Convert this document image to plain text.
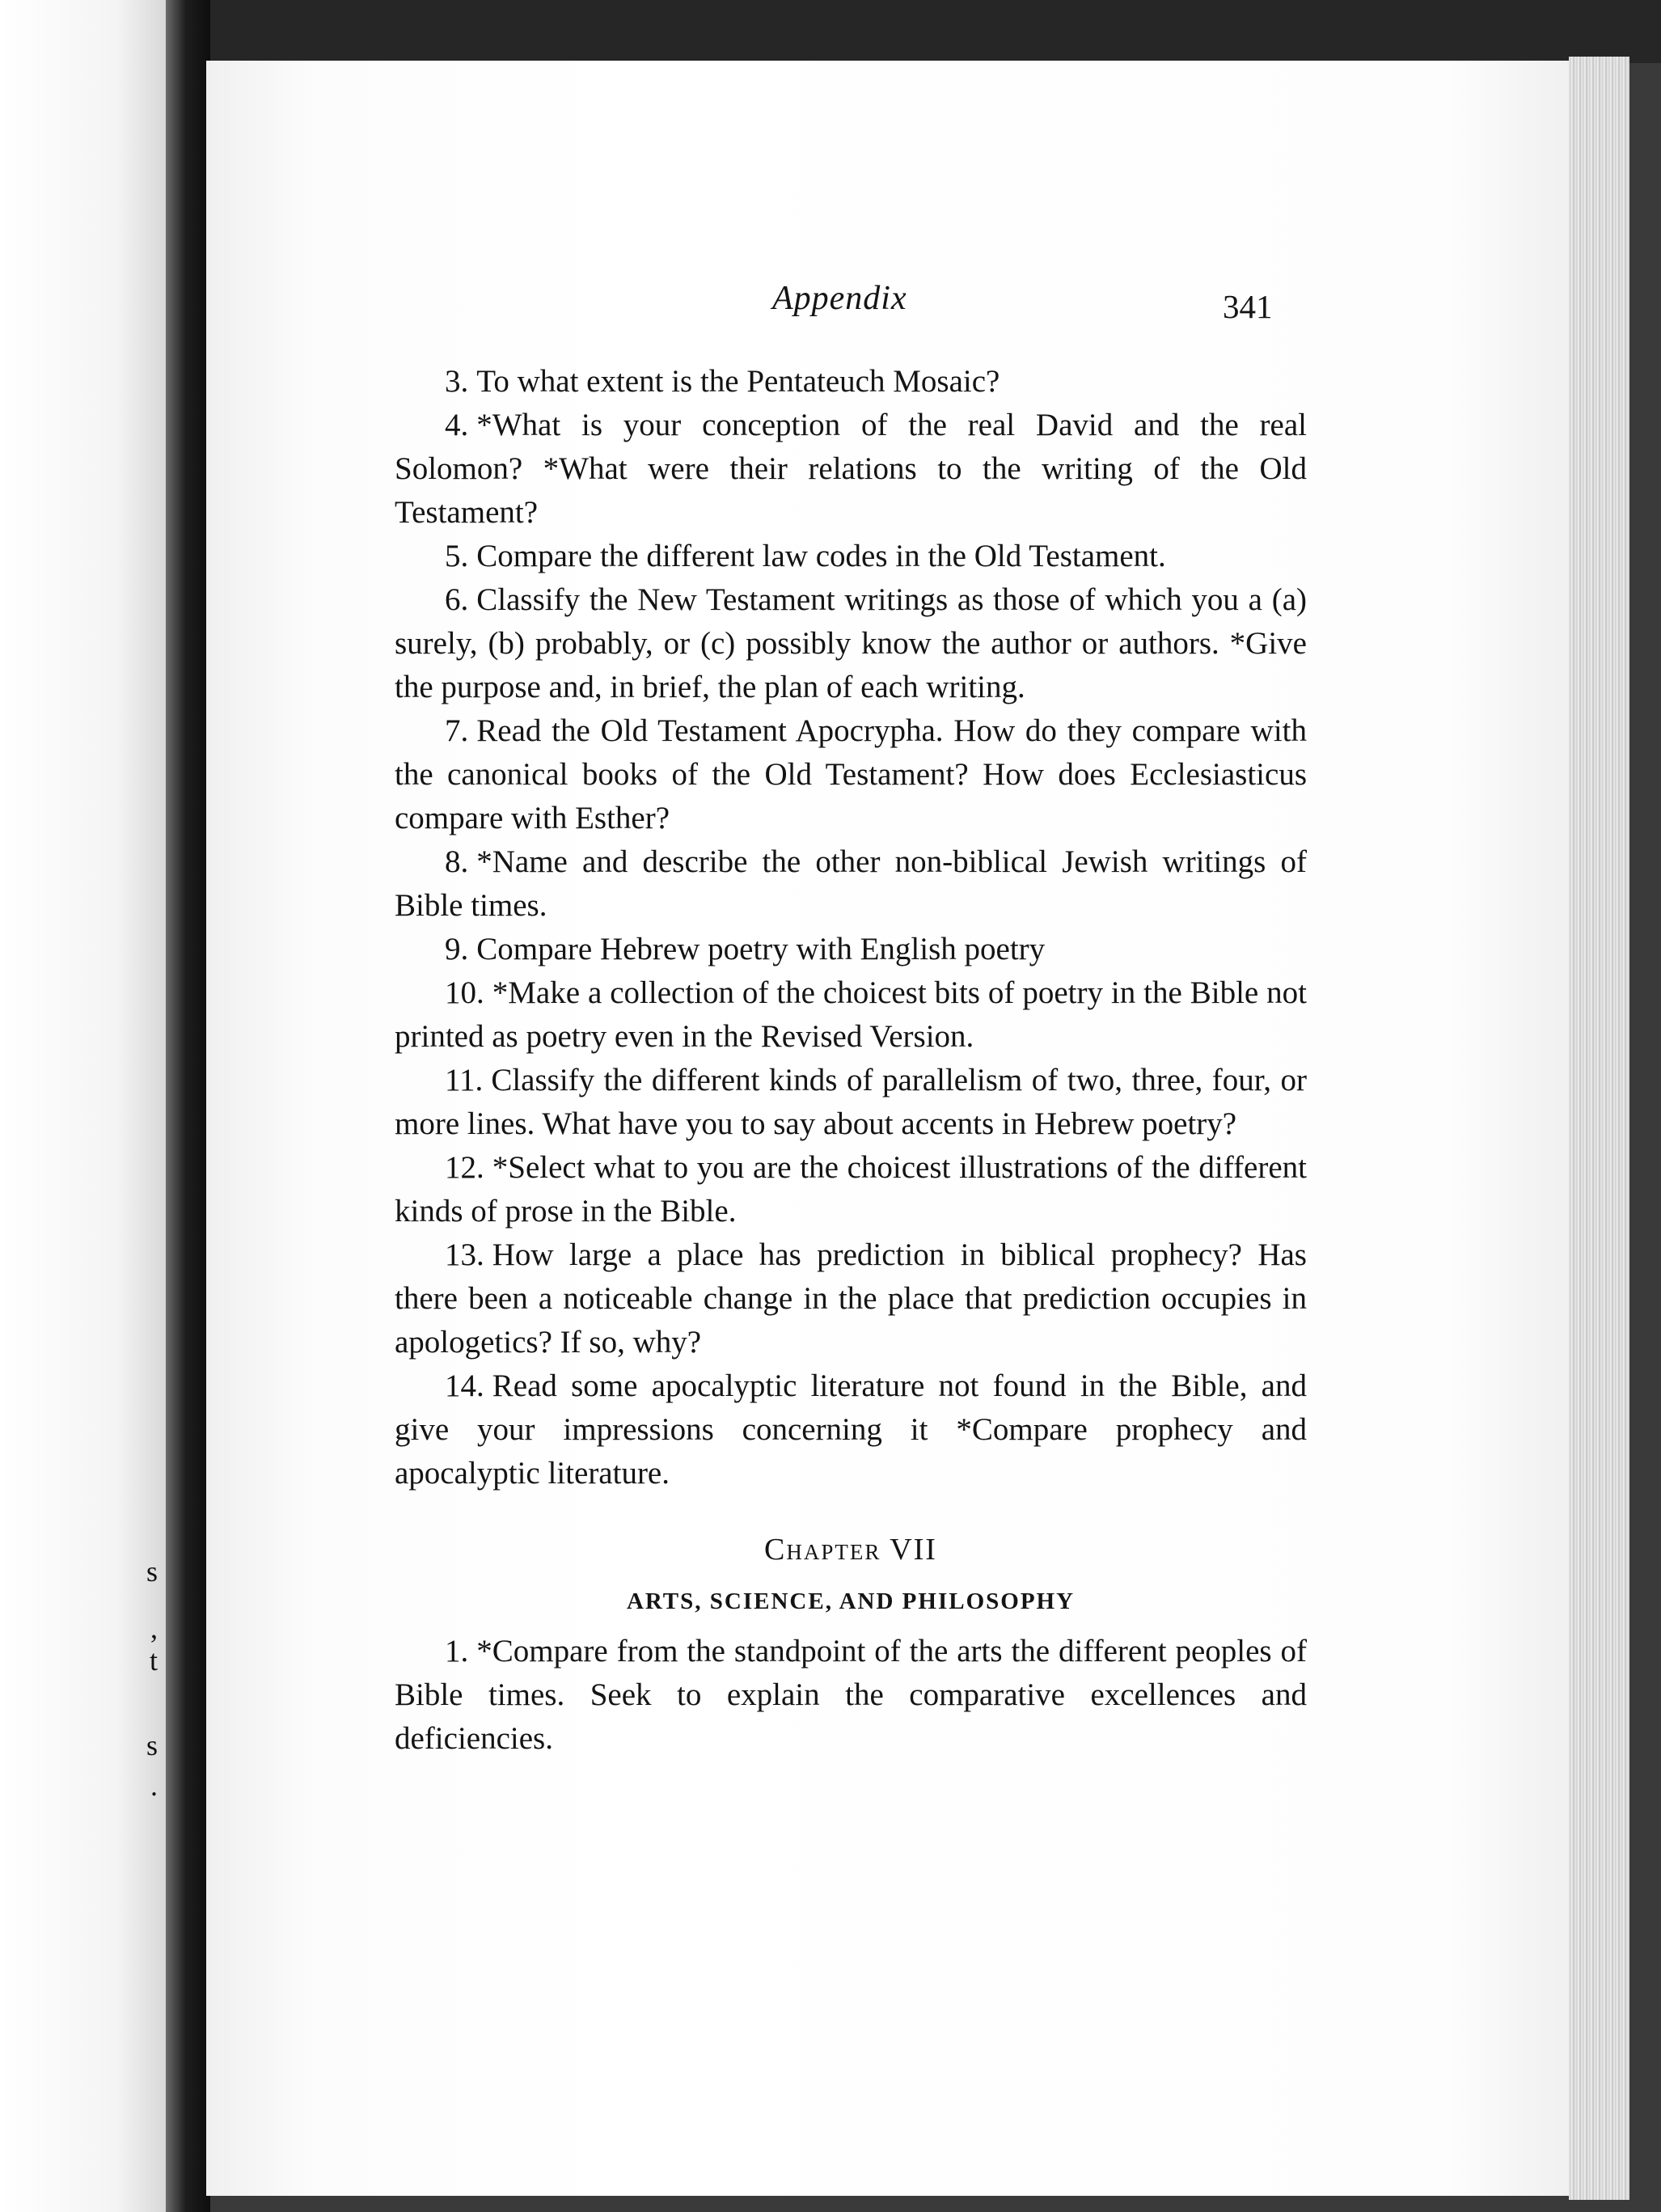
s
,
t
s
.
Appendix	341

3. To what extent is the Pentateuch Mosaic?

4. *What is your conception of the real David and the real Solomon? *What were their relations to the writing of the Old Testament?

5. Compare the different law codes in the Old Testament.

6. Classify the New Testament writings as those of which you a (a) surely, (b) probably, or (c) possibly know the author or authors. *Give the purpose and, in brief, the plan of each writing.

7. Read the Old Testament Apocrypha. How do they compare with the canonical books of the Old Testament? How does Ecclesiasticus compare with Esther?

8. *Name and describe the other non-biblical Jewish writings of Bible times.

9. Compare Hebrew poetry with English poetry

10. *Make a collection of the choicest bits of poetry in the Bible not printed as poetry even in the Revised Version.

11. Classify the different kinds of parallelism of two, three, four, or more lines. What have you to say about accents in Hebrew poetry?

12. *Select what to you are the choicest illustrations of the different kinds of prose in the Bible.

13. How large a place has prediction in biblical prophecy? Has there been a noticeable change in the place that prediction occupies in apologetics? If so, why?

14. Read some apocalyptic literature not found in the Bible, and give your impressions concerning it *Compare prophecy and apocalyptic literature.

Chapter VII
ARTS, SCIENCE, AND PHILOSOPHY

1. *Compare from the standpoint of the arts the different peoples of Bible times. Seek to explain the comparative excellences and deficiencies.
